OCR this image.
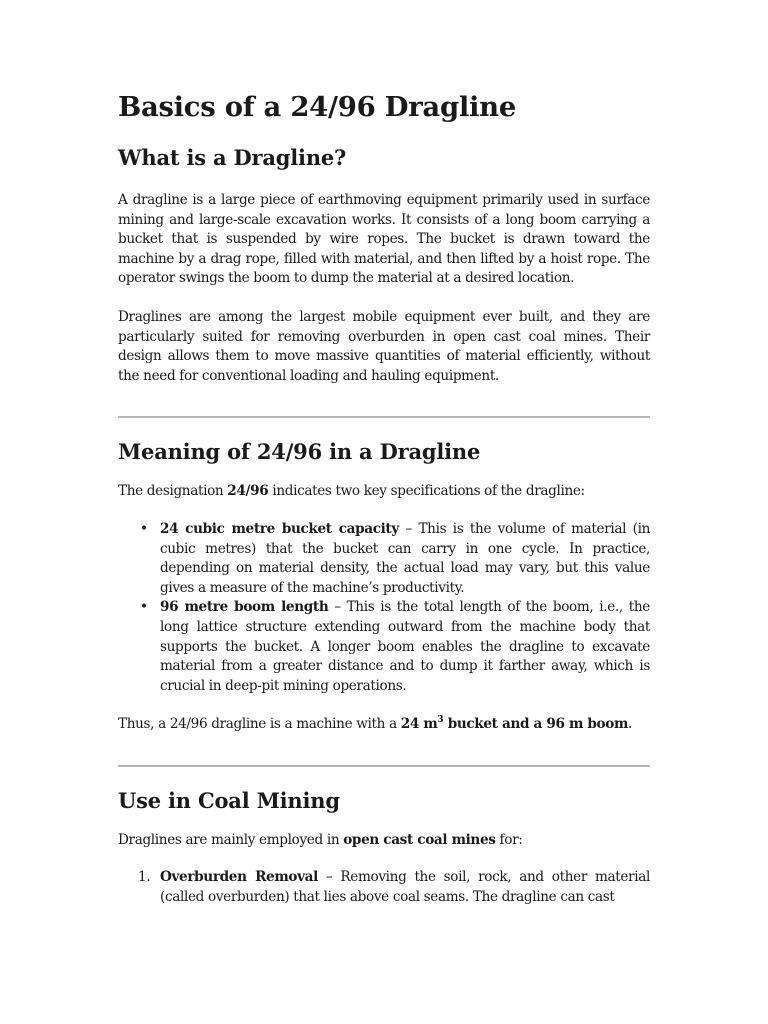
Basics of a 24/96 Dragline
What is a Dragline?

A dragline is a large piece of earthmoving equipment primarily used in surface mining and large-scale excavation works. It consists of a long boom carrying a bucket that is suspended by wire ropes. The bucket is drawn toward the machine by a drag rope, filled with material, and then lifted by a hoist rope. The operator swings the boom to dump the material at a desired location.

Draglines are among the largest mobile equipment ever built, and they are particularly suited for removing overburden in open cast coal mines. Their design allows them to move massive quantities of material efficiently, without the need for conventional loading and hauling equipment.

Meaning of 24/96 in a Dragline

The designation 24/96 indicates two key specifications of the dragline:

• 24 cubic metre bucket capacity – This is the volume of material (in cubic metres) that the bucket can carry in one cycle. In practice, depending on material density, the actual load may vary, but this value gives a measure of the machine’s productivity.
• 96 metre boom length – This is the total length of the boom, i.e., the long lattice structure extending outward from the machine body that supports the bucket. A longer boom enables the dragline to excavate material from a greater distance and to dump it farther away, which is crucial in deep-pit mining operations.

Thus, a 24/96 dragline is a machine with a 24 $m^3$ bucket and a 96 m boom.

Use in Coal Mining

Draglines are mainly employed in open cast coal mines for:

1. Overburden Removal – Removing the soil, rock, and other material (called overburden) that lies above coal seams. The dragline can cast
